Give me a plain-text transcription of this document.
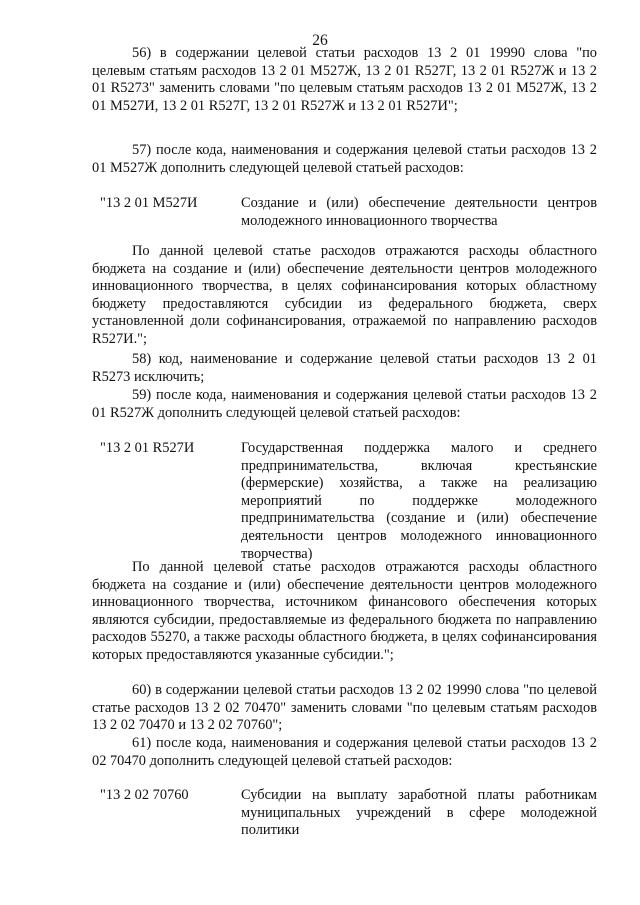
26

56) в содержании целевой статьи расходов 13 2 01 19990 слова "по целевым статьям расходов 13 2 01 M527Ж, 13 2 01 R527Г, 13 2 01 R527Ж и 13 2 01 R5273" заменить словами "по целевым статьям расходов 13 2 01 M527Ж, 13 2 01 M527И, 13 2 01 R527Г, 13 2 01 R527Ж и 13 2 01 R527И";

57) после кода, наименования и содержания целевой статьи расходов 13 2 01 M527Ж дополнить следующей целевой статьей расходов:

"13 2 01 M527И	Создание и (или) обеспечение деятельности центров молодежного инновационного творчества

По данной целевой статье расходов отражаются расходы областного бюджета на создание и (или) обеспечение деятельности центров молодежного инновационного творчества, в целях софинансирования которых областному бюджету предоставляются субсидии из федерального бюджета, сверх установленной доли софинансирования, отражаемой по направлению расходов R527И.";

58) код, наименование и содержание целевой статьи расходов 13 2 01 R5273 исключить;

59) после кода, наименования и содержания целевой статьи расходов 13 2 01 R527Ж дополнить следующей целевой статьей расходов:

"13 2 01 R527И	Государственная поддержка малого и среднего предпринимательства, включая крестьянские (фермерские) хозяйства, а также на реализацию мероприятий по поддержке молодежного предпринимательства (создание и (или) обеспечение деятельности центров молодежного инновационного творчества)

По данной целевой статье расходов отражаются расходы областного бюджета на создание и (или) обеспечение деятельности центров молодежного инновационного творчества, источником финансового обеспечения которых являются субсидии, предоставляемые из федерального бюджета по направлению расходов 55270, а также расходы областного бюджета, в целях софинансирования которых предоставляются указанные субсидии.";

60) в содержании целевой статьи расходов 13 2 02 19990 слова "по целевой статье расходов 13 2 02 70470" заменить словами "по целевым статьям расходов 13 2 02 70470 и 13 2 02 70760";

61) после кода, наименования и содержания целевой статьи расходов 13 2 02 70470 дополнить следующей целевой статьей расходов:

"13 2 02 70760	Субсидии на выплату заработной платы работникам муниципальных учреждений в сфере молодежной политики
